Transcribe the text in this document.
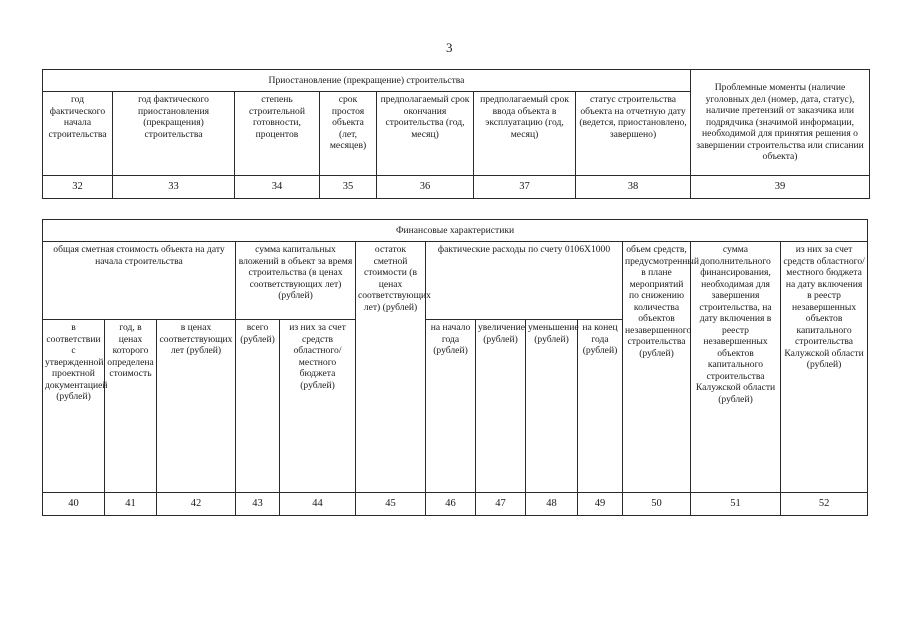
3
Приостановление (прекращение) строительства							Проблемные моменты (наличие уголовных дел (номер, дата, статус), наличие претензий от заказчика или подрядчика (значимой информации, необходимой для принятия решения о завершении строительства или списании объекта)
год фактического начала строительства	год фактического приостановления (прекращения) строительства	степень строительной готовности, процентов	срок простоя объекта (лет, месяцев)	предполагаемый срок окончания строительства (год, месяц)	предполагаемый срок ввода объекта в эксплуатацию (год, месяц)	статус строительства объекта на отчетную дату (ведется, приостановлено, завершено)	
32	33	34	35	36	37	38	39
Финансовые характеристики												
общая сметная стоимость объекта на дату начала строительства			сумма капитальных вложений в объект за время строительства (в ценах соответствующих лет) (рублей)		остаток сметной стоимости (в ценах соответствующих лет) (рублей)	фактические расходы по счету 0106Х1000				объем средств, предусмотренный в плане мероприятий по снижению количества объектов незавершенного строительства (рублей)	сумма дополнительного финансирования, необходимая для завершения строительства, на дату включения в реестр незавершенных объектов капитального строительства Калужской области (рублей)	из них за счет средств областного/ местного бюджета на дату включения в реестр незавершенных объектов капитального строительства Калужской области (рублей)
в соответствии с утвержденной проектной документацией (рублей)	год, в ценах которого определена стоимость	в ценах соответствующих лет (рублей)	всего (рублей)	из них за счет средств областного/ местного бюджета (рублей)		на начало года (рублей)	увеличение (рублей)	уменьшение (рублей)	на конец года (рублей)			
40	41	42	43	44	45	46	47	48	49	50	51	52
